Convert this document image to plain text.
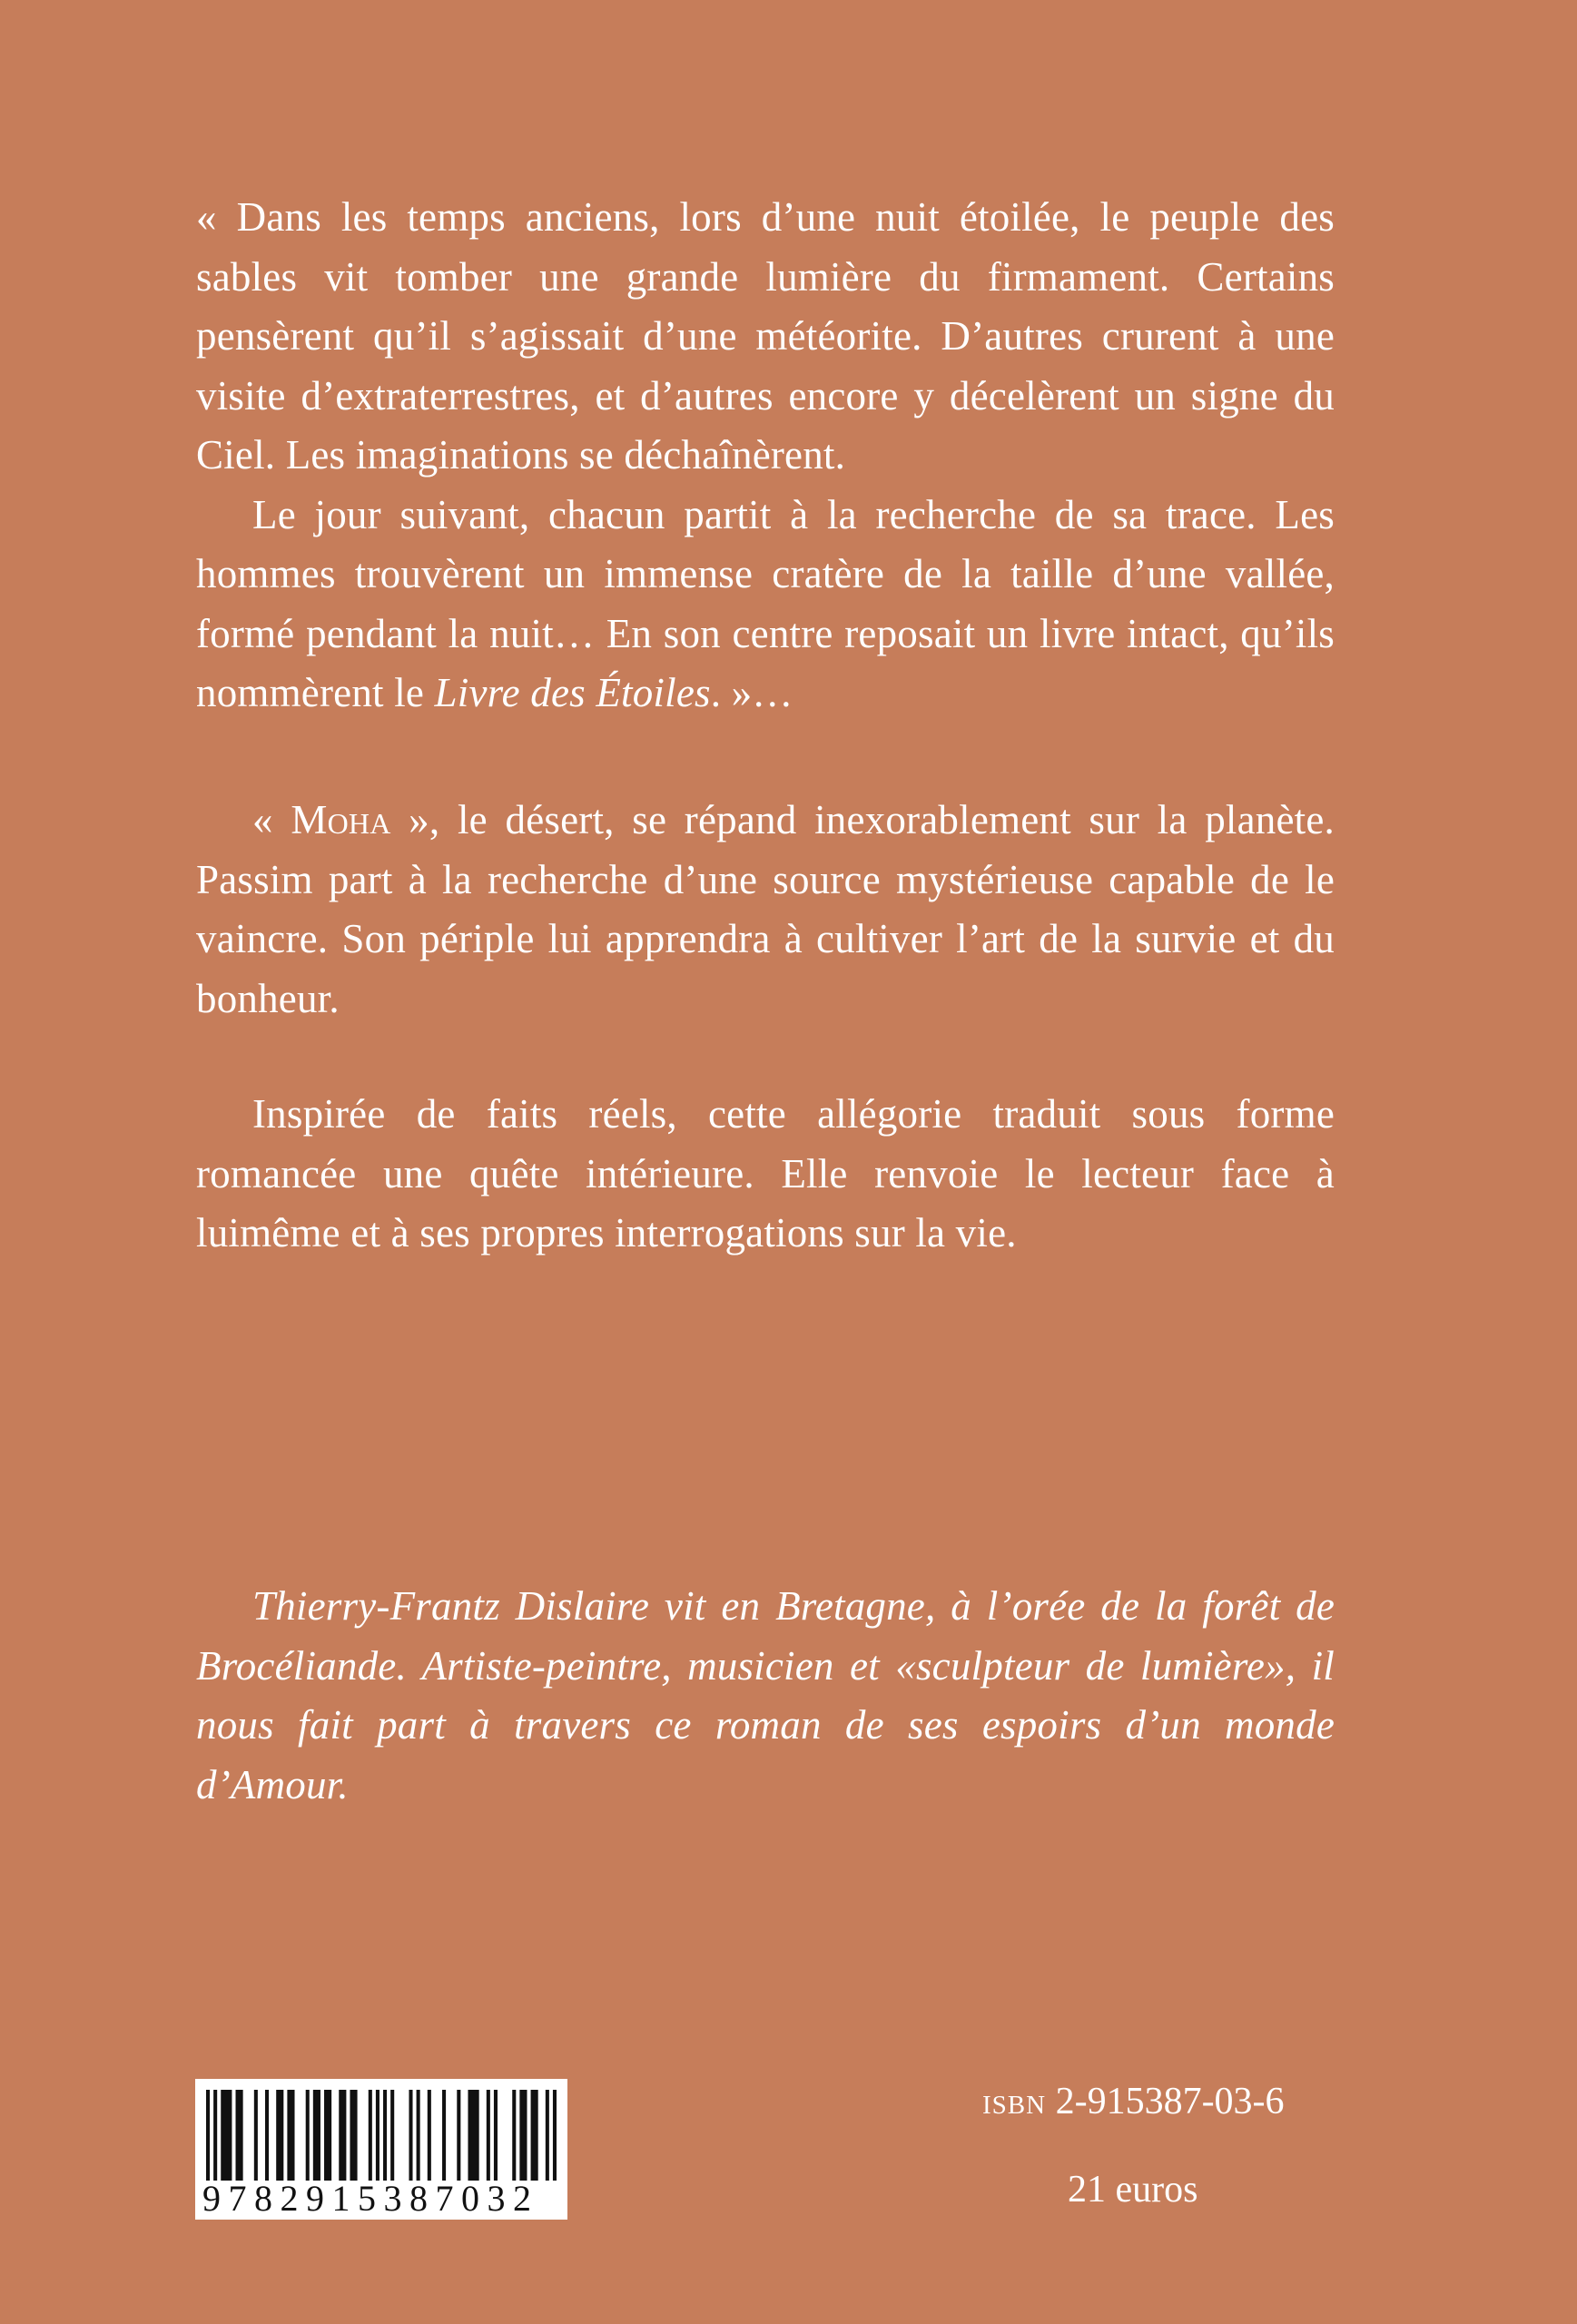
« Dans les temps anciens, lors d’une nuit étoilée, le peuple des sables vit tomber une grande lumière du firmament. Certains pensèrent qu’il s’agissait d’une météorite. D’autres crurent à une visite d’extraterrestres, et d’autres encore y décelèrent un signe du Ciel. Les imaginations se déchaînèrent.

Le jour suivant, chacun partit à la recherche de sa trace. Les hommes trouvèrent un immense cratère de la taille d’une vallée, formé pendant la nuit… En son centre reposait un livre intact, qu’ils nommèrent le Livre des Étoiles. »…

« Moha », le désert, se répand inexorablement sur la planète. Passim part à la recherche d’une source mystérieuse capable de le vaincre. Son périple lui apprendra à cultiver l’art de la survie et du bonheur.

Inspirée de faits réels, cette allégorie traduit sous forme romancée une quête intérieure. Elle renvoie le lecteur face à luimême et à ses propres interrogations sur la vie.

Thierry-Frantz Dislaire vit en Bretagne, à l’orée de la forêt de Brocéliande. Artiste-peintre, musicien et «sculpteur de lumière», il nous fait part à travers ce roman de ses espoirs d’un monde d’Amour.

9782915387032
isbn 2-915387-03-6
21 euros
